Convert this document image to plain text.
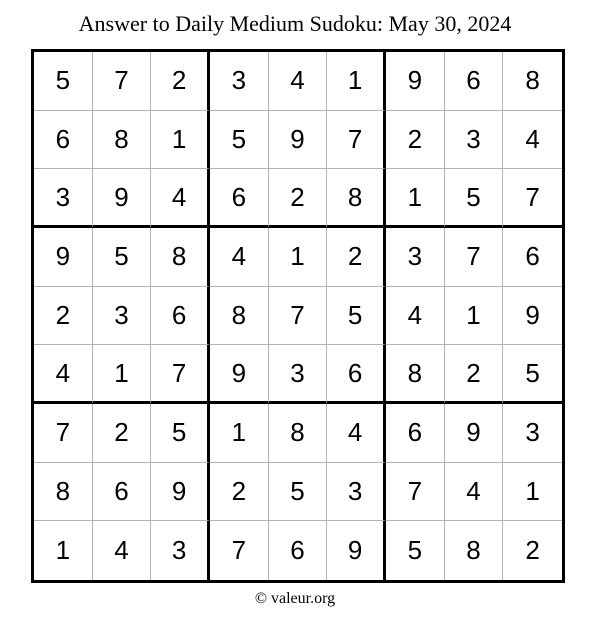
Answer to Daily Medium Sudoku: May 30, 2024
5	7	2	3	4	1	9	6	8
6	8	1	5	9	7	2	3	4
3	9	4	6	2	8	1	5	7
9	5	8	4	1	2	3	7	6
2	3	6	8	7	5	4	1	9
4	1	7	9	3	6	8	2	5
7	2	5	1	8	4	6	9	3
8	6	9	2	5	3	7	4	1
1	4	3	7	6	9	5	8	2
© valeur.org
